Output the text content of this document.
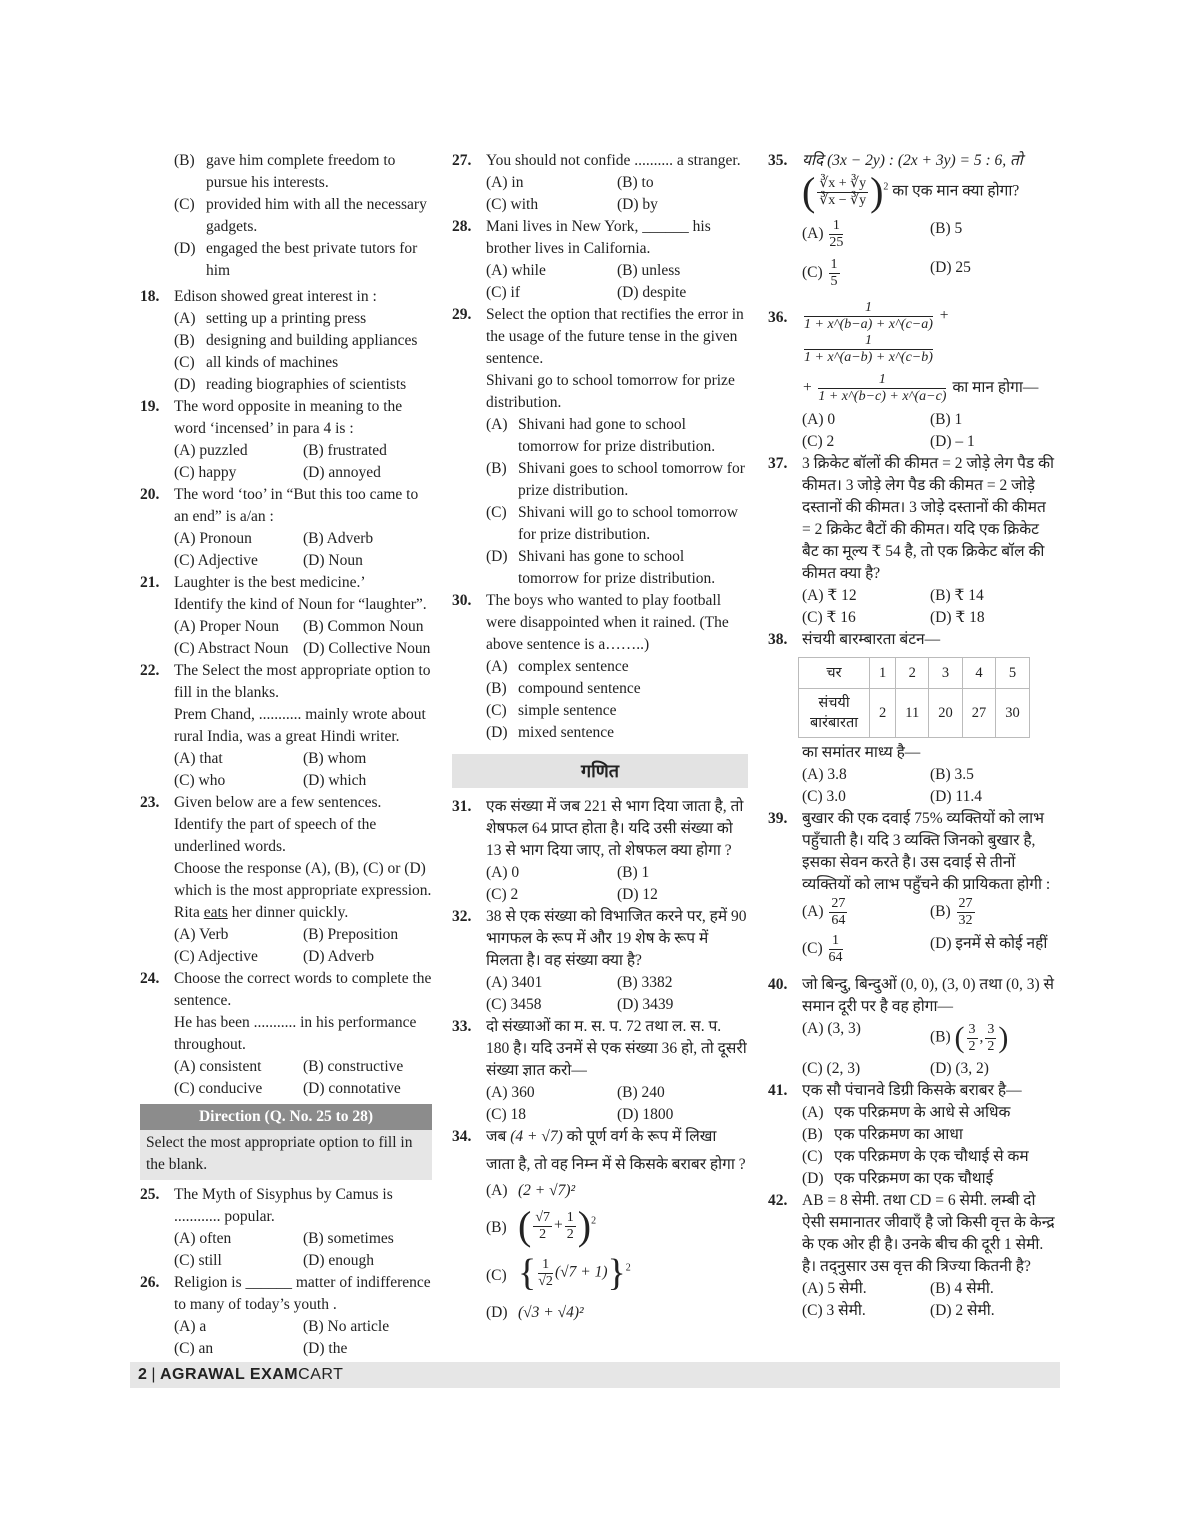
(B) gave him complete freedom to pursue his interests.
(C) provided him with all the necessary gadgets.
(D) engaged the best private tutors for him
18. Edison showed great interest in :
(A) setting up a printing press
(B) designing and building appliances
(C) all kinds of machines
(D) reading biographies of scientists
19. The word opposite in meaning to the word ‘incensed’ in para 4 is :
(A) puzzled	(B) frustrated
(C) happy	(D) annoyed
20. The word ‘too’ in “But this too came to an end” is a/an :
(A) Pronoun	(B) Adverb
(C) Adjective	(D) Noun
21. Laughter is the best medicine.’
Identify the kind of Noun for “laughter”.
(A) Proper Noun	(B) Common Noun
(C) Abstract Noun (D) Collective Noun
22. The Select the most appropriate option to fill in the blanks.
Prem Chand, ........... mainly wrote about rural India, was a great Hindi writer.
(A) that	(B) whom
(C) who	(D) which
23. Given below are a few sentences. Identify the part of speech of the underlined words.
Choose the response (A), (B), (C) or (D) which is the most appropriate expression.
Rita eats her dinner quickly.
(A) Verb	(B) Preposition
(C) Adjective	(D) Adverb
24. Choose the correct words to complete the sentence.
He has been ........... in his performance throughout.
(A) consistent	(B) constructive
(C) conducive	(D) connotative
Direction (Q. No. 25 to 28)
Select the most appropriate option to fill in the blank.
25. The Myth of Sisyphus by Camus is ............ popular.
(A) often	(B) sometimes
(C) still	(D) enough
26. Religion is ______ matter of indifference to many of today’s youth .
(A) a	(B) No article
(C) an	(D) the
27. You should not confide .......... a stranger.
(A) in	(B) to
(C) with	(D) by
28. Mani lives in New York, ______ his brother lives in California.
(A) while	(B) unless
(C) if	(D) despite
29. Select the option that rectifies the error in the usage of the future tense in the given sentence.
Shivani go to school tomorrow for prize distribution.
(A) Shivani had gone to school tomorrow for prize distribution.
(B) Shivani goes to school tomorrow for prize distribution.
(C) Shivani will go to school tomorrow for prize distribution.
(D) Shivani has gone to school tomorrow for prize distribution.
30. The boys who wanted to play football were disappointed when it rained. (The above sentence is a……..)
(A) complex sentence
(B) compound sentence
(C) simple sentence
(D) mixed sentence
गणित
31. एक संख्या में जब 221 से भाग दिया जाता है, तो शेषफल 64 प्राप्त होता है। यदि उसी संख्या को 13 से भाग दिया जाए, तो शेषफल क्या होगा ?
(A) 0	(B) 1
(C) 2	(D) 12
32. 38 से एक संख्या को विभाजित करने पर, हमें 90 भागफल के रूप में और 19 शेष के रूप में मिलता है। वह संख्या क्या है?
(A) 3401	(B) 3382
(C) 3458	(D) 3439
33. दो संख्याओं का म. स. प. 72 तथा ल. स. प. 180 है। यदि उनमें से एक संख्या 36 हो, तो दूसरी संख्या ज्ञात करो—
(A) 360	(B) 240
(C) 18	(D) 1800
34. जब (4 + √7) को पूर्ण वर्ग के रूप में लिखा
जाता है, तो वह निम्न में से किसके बराबर होगा ?
(A) (2 + √7)²
(B) ( $\frac{√7}{2} + \frac{1}{2} )^2$
(C) { $\frac{1}{√2} (√7 + 1)\}^2$
(D) (√3 + √4)²
35. यदि (3x − 2y) : (2x + 3y) = 5 : 6, तो
( $\frac{∛x + ∛y}{∛x - ∛y} )^2$ का एक मान क्या होगा?
$(A) \frac{1}{25}$	(B) 5
$(C) \frac{1}{5}$	(D) 25
36.	$\frac{1}{1 + x\^{}(b-a) + x\^{}(c-a)}$ +
$\frac{1}{1 + x\^{}(a-b) + x\^{}(c-b)}$
+ $\frac{1}{1 + x\^{}(b-c) + x\^{}(a-c)}$ का मान होगा—
(A) 0	(B) 1
(C) 2	(D) – 1
37. 3 क्रिकेट बॉलों की कीमत = 2 जोड़े लेग पैड की कीमत। 3 जोड़े लेग पैड की कीमत = 2 जोड़े दस्तानों की कीमत। 3 जोड़े दस्तानों की कीमत = 2 क्रिकेट बैटों की कीमत। यदि एक क्रिकेट बैट का मूल्य ₹ 54 है, तो एक क्रिकेट बॉल की कीमत क्या है?
(A) ₹ 12	(B) ₹ 14
(C) ₹ 16	(D) ₹ 18
38. संचयी बारम्बारता बंटन—
चर	1	2	3	4	5
संचयी बारंबारता	2	11	20	27	30
का समांतर माध्य है—
(A) 3.8	(B) 3.5
(C) 3.0	(D) 11.4
39. बुखार की एक दवाई 75% व्यक्तियों को लाभ पहुँचाती है। यदि 3 व्यक्ति जिनको बुखार है, इसका सेवन करते है। उस दवाई से तीनों व्यक्तियों को लाभ पहुँचने की प्रायिकता होगी :
$(A) \frac{27}{64}$	$(B) \frac{27}{32}$
$(C) \frac{1}{64}$	(D) इनमें से कोई नहीं
40. जो बिन्दु, बिन्दुओं (0, 0), (3, 0) तथा (0, 3) से समान दूरी पर है वह होगा—
(A) (3, 3)
(B) ( $\frac{3}{2}$ , $\frac{3}{2}$ )
(C) (2, 3)	(D) (3, 2)
41. एक सौ पंचानवे डिग्री किसके बराबर है—
(A) एक परिक्रमण के आधे से अधिक
(B) एक परिक्रमण का आधा
(C) एक परिक्रमण के एक चौथाई से कम
(D) एक परिक्रमण का एक चौथाई
42. AB = 8 सेमी. तथा CD = 6 सेमी. लम्बी दो ऐसी समानातर जीवाएँ है जो किसी वृत्त के केन्द्र के एक ओर ही है। उनके बीच की दूरी 1 सेमी. है। तद्‌नुसार उस वृत्त की त्रिज्या कितनी है?
(A) 5 सेमी.	(B) 4 सेमी.
(C) 3 सेमी.	(D) 2 सेमी.
2 | AGRAWAL EXAMCART
